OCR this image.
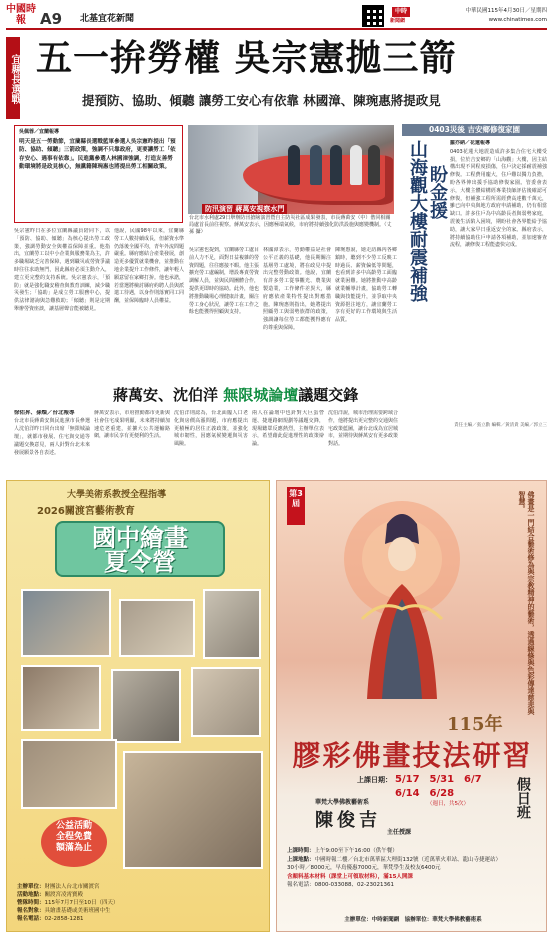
中國時報 A9 北基宜花新聞
中時
新聞網
中華民國115年4月30日／星期四
www.chinatimes.com
宜縣長選戰 五一拚勞權 吳宗憲拋三箭
提預防、協助、傾聽 讓勞工安心有依靠 林國漳、陳琬惠將提政見
吳佩蓉／宜蘭報導
明天是五一勞動節，宜蘭縣長選戰藍軍參選人吳宗憲昨提出「預防、協助、傾聽」三箭政策，強調不只靠政府，更要讓勞工「依存安心、遇事有依靠」。民進黨參選人林國漳強調，打造友善勞動環境將是政見核心，無黨籍陳琬惠也將提出勞工相關政策。
吳宗憲昨日在多位宜蘭縣議員陪同下，以「預防、協助、傾聽」為核心提出勞工政策，強調勞動安全與權益保障並重。他指出，宜蘭勞工以中小企業與服務業為主，許多職場缺乏完善保障，遇到職災或勞資爭議時往往求助無門，因此縣府必須主動介入，建立更完整的支持系統。吳宗憲表示，「預防」就是強化職安稽查與教育訓練，減少職災發生；「協助」是成立勞工服務中心，提供法律諮詢與急難救助；「傾聽」則是定期舉辦勞資座談，讓基層聲音能被聽見。
他說，民國98年以來，宜蘭縣勞工人數持續成長，但薪資水準仍落後全國平均，青年外流問題嚴重。縣府應結合產業發展，創造更多優質就業機會，並推動在地企業提升工作條件，讓年輕人願意留在家鄉打拚。他也承諾，若當選將檢討縣府約聘人員與派遣工待遇，以身作則落實同工同酬，並保障臨時人員權益。
防汛演習 蔣萬安視察水門
台北市水利處29日舉辦防汛搶險演習暨自主防災社區成果發表，市長蔣萬安（中）偕同相關局處首長前往視察。蔣萬安表示，因應極端氣候，市府將持續強化防洪設施與應變機制。（丈 孫 攝）
吳宗憲也提到，宜蘭縣勞工處目前人力不足，面對日益複雜的勞資問題，往往應接不暇。他主張擴充勞工處編制，增設專責勞資調解人員，並與民間團體合作，提供更即時的協助。此外，他也將推動職場心理健康計畫，關注勞工身心狀況，讓勞工在工作之餘也能獲得照顧與支持。
林國漳表示，勞動權益是社會公平正義的基礎，他長期關注基層勞工處境，將在政見中提出完整勞動政策。他說，宜蘭有許多勞工從事觀光、農業與製造業，工作條件差異大，縣府應依產業特性提出對應措施。陳琬惠則指出，她將提出照顧勞工與弱勢族群的政策，強調讓每位勞工都能獲得應有的尊重與保障。
陳琬惠說，她走訪縣內各鄉鎮時，聽到不少勞工反映工時過長、薪資偏低等問題，也看到許多中高齡勞工面臨就業困難。她將推動中高齡就業輔導計畫，協助勞工轉職與技能提升，並爭取中央資源挹注地方，讓宜蘭勞工享有更好的工作環境與生活品質。
0403災後 吉安鄉修復家園
山海觀大樓耐震補強 盼金援
羅亦納／花蓮報導
0403花蓮大地震造成許多集合住宅大樓受損，位於吉安鄉的「山海觀」大樓，因主結構出現不同程度損傷，住戶決定採耐震補強修復。工程費用龐大，住戶難以獨力負擔，盼各界伸出援手協助修復家園。管委會表示，大樓主體結構經專業技師評估後確認可修復，但補強工程所需經費高達數千萬元，雖已向中央與地方政府申請補助，仍有相當缺口。許多住戶為中高齡長者與弱勢家庭，震後生活陷入困境，期盼社會各界能給予協助，讓大家早日重返安全的家。縣府表示，將持續協助住戶申請各項補助，並加速審查流程，讓修復工程能盡快完成。
責任主編／張立勳 編輯／黃清貴 美編／郭立三
蔣萬安、沈伯洋 無限城論壇議題交鋒
徐佑昇、孫燦／台北報導
台北市長蔣萬安與民進黨市長參選人沈伯洋昨日同台出席「無限城論壇」，就都市發展、住宅與交通等議題交換意見，兩人針對台北未來發展願景各自表述。
蔣萬安表示，市府推動都市更新與社會住宅成果明顯，未來將持續加速危老重建，並擴大公共運輸路網，讓市民享有更便利的生活。
沈伯洋則認為，台北面臨人口老化與房價高漲問題，市府應提出更積極的居住正義政策，並強化城市韌性，因應氣候變遷與災害風險。
兩人在論壇中也針對大巨蛋營運、捷運路網規劃等議題交鋒，現場聽眾反應熱烈，主辦單位表示，希望藉此促進理性的政策辯論。
沈伯洋說，城市治理需要跨域合作，他將提出更完整的交通與住宅政策藍圖，讓台北成為宜居城市，並期待與蔣萬安有更多政策對話。
大學美術系教授全程指導
2026關渡宮藝術教育
國中繪畫
夏令營
公益活動
全程免費
額滿為止
主辦單位：財團法人台北市關渡宮
活動地點：關渡宮凌霄寶殿
營隊時間：115年7月7日至10日（四天）
報名對象：具繪畫基礎或美術班國中生
報名電話：02-2858-1281
第3屆	佛畫是一門結合藝術修為與宗教精神的藝術，透過線條與色彩傳達慈悲與智慧。
115年
膠彩佛畫技法研習
上課日期： 5/17　5/31　6/7
6/14　6/28
（週日，共5次）	假日班
華梵大學佛教藝術系
陳俊吉
主任授課
上課時間：上午9:00至下午16:00（供午餐）
上課地點：中國時報二樓／台北市萬華區大理街132號（近萬華火車站、龍山寺捷運站）
30小時／8000元，早鳥優惠7000元，華梵學生及校友6400元
含顏料基本材料（課堂上可領取材料），滿15人開課
報名電話：0800-033088、02-23021361
主辦單位：中時新聞網　協辦單位：華梵大學佛教藝術系
